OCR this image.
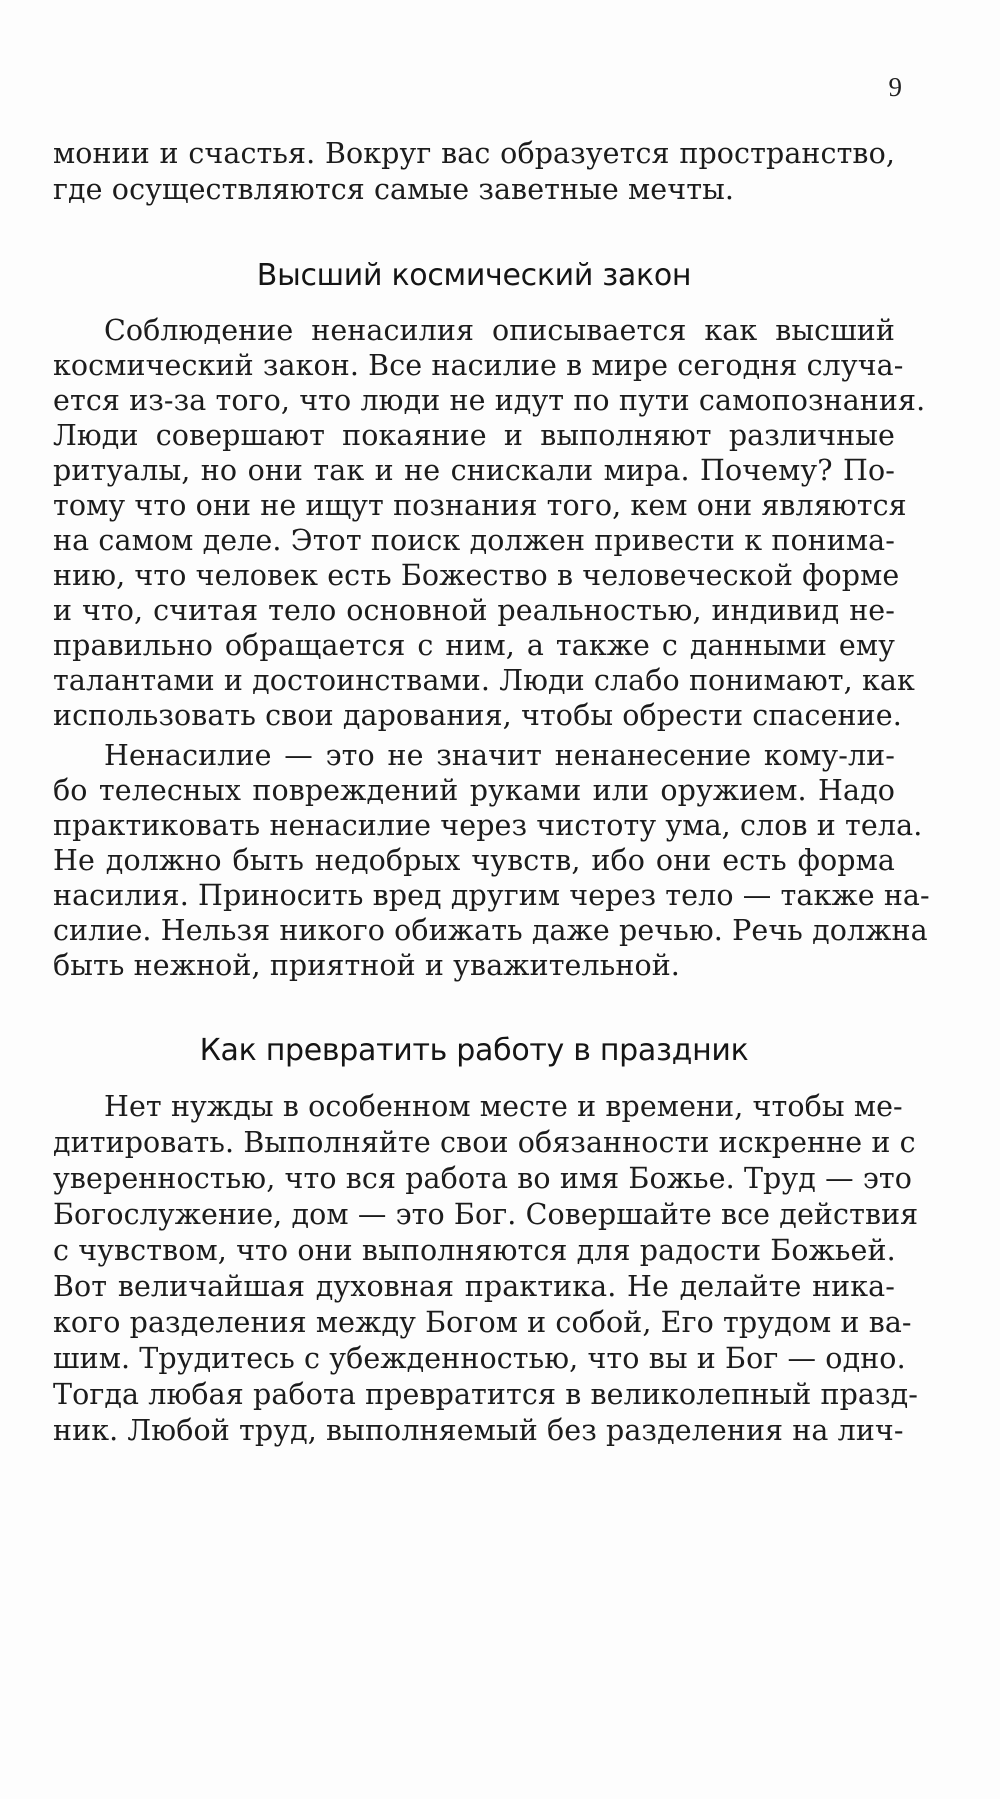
9

монии и счастья. Вокруг вас образуется пространство,

где осуществляются самые заветные мечты.

Высший космический закон

Соблюдение ненасилия описывается как высший

космический закон. Все насилие в мире сегодня случа-

ется из-за того, что люди не идут по пути самопознания.

Люди совершают покаяние и выполняют различные

ритуалы, но они так и не снискали мира. Почему? По-

тому что они не ищут познания того, кем они являются

на самом деле. Этот поиск должен привести к понима-

нию, что человек есть Божество в человеческой форме

и что, считая тело основной реальностью, индивид не-

правильно обращается с ним, а также с данными ему

талантами и достоинствами. Люди слабо понимают, как

использовать свои дарования, чтобы обрести спасение.

Ненасилие — это не значит ненанесение кому-ли-

бо телесных повреждений руками или оружием. Надо

практиковать ненасилие через чистоту ума, слов и тела.

Не должно быть недобрых чувств, ибо они есть форма

насилия. Приносить вред другим через тело — также на-

силие. Нельзя никого обижать даже речью. Речь должна

быть нежной, приятной и уважительной.

Как превратить работу в праздник

Нет нужды в особенном месте и времени, чтобы ме-

дитировать. Выполняйте свои обязанности искренне и с

уверенностью, что вся работа во имя Божье. Труд — это

Богослужение, дом — это Бог. Совершайте все действия

с чувством, что они выполняются для радости Божьей.

Вот величайшая духовная практика. Не делайте ника-

кого разделения между Богом и собой, Его трудом и ва-

шим. Трудитесь с убежденностью, что вы и Бог — одно.

Тогда любая работа превратится в великолепный празд-

ник. Любой труд, выполняемый без разделения на лич-
